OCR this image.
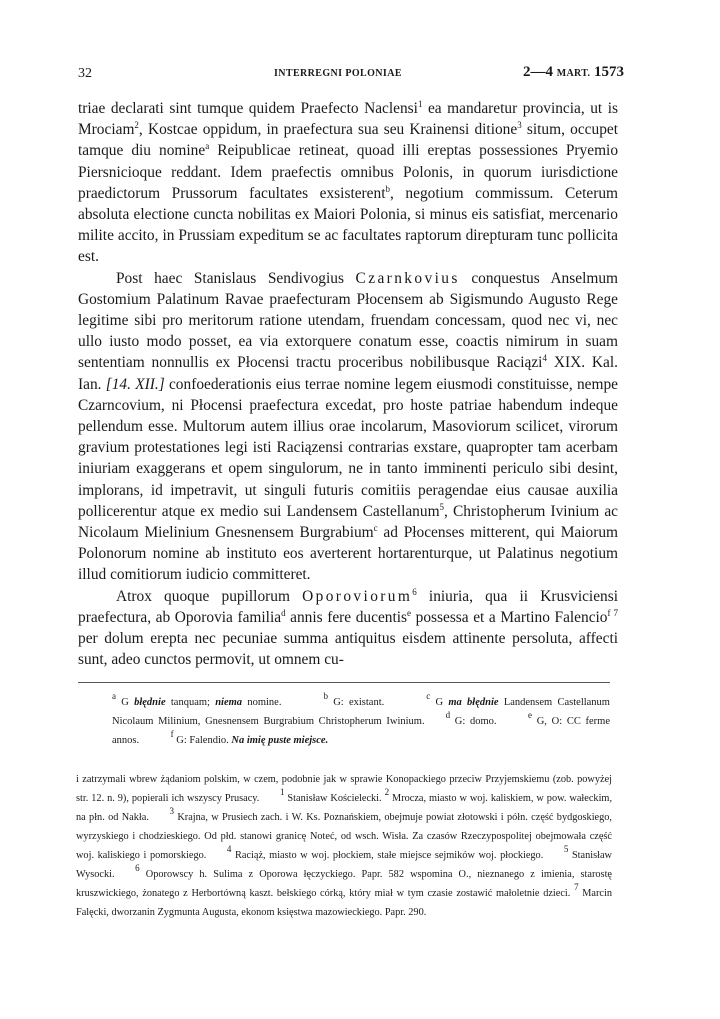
32	INTERREGNI POLONIAE	2—4 MART. 1573

triae declarati sint tumque quidem Praefecto Naclensi$^1$ ea mandaretur provincia, ut is Mrociam$^2$, Kostcae oppidum, in praefectura sua seu Krainensi ditione$^3$ situm, occupet tamque diu nomine$^a$ Reipublicae retineat, quoad illi ereptas possessiones Pryemio Piersnicioque reddant. Idem praefectis omnibus Polonis, in quorum iurisdictione praedictorum Prussorum facultates exsisterent$^b$, negotium commissum. Ceterum absoluta electione cuncta nobilitas ex Maiori Polonia, si minus eis satisfiat, mercenario milite accito, in Prussiam expeditum se ac facultates raptorum direpturam tunc pollicita est.

Post haec Stanislaus Sendivogius Czarnkovius conquestus Anselmum Gostomium Palatinum Ravae praefecturam Płocensem ab Sigismundo Augusto Rege legitime sibi pro meritorum ratione utendam, fruendam concessam, quod nec vi, nec ullo iusto modo posset, ea via extorquere conatum esse, coactis nimirum in suam sententiam nonnullis ex Płocensi tractu proceribus nobilibusque Raciązi$^4$ XIX. Kal. Ian. [14. XII.] confoederationis eius terrae nomine legem eiusmodi constituisse, nempe Czarncovium, ni Płocensi praefectura excedat, pro hoste patriae habendum indeque pellendum esse. Multorum autem illius orae incolarum, Masoviorum scilicet, virorum gravium protestationes legi isti Raciązensi contrarias exstare, quapropter tam acerbam iniuriam exaggerans et opem singulorum, ne in tanto imminenti periculo sibi desint, implorans, id impetravit, ut singuli futuris comitiis peragendae eius causae auxilia pollicerentur atque ex medio sui Landensem Castellanum$^5$, Christopherum Ivinium ac Nicolaum Mielinium Gnesnensem Burgrabium$^c$ ad Płocenses mitterent, qui Maiorum Polonorum nomine ab instituto eos averterent hortarenturque, ut Palatinus negotium illud comitiorum iudicio committeret.

Atrox quoque pupillorum Oporoviorum$^6$ iniuria, qua ii Krusviciensi praefectura, ab Oporovia familia$^d$ annis fere ducentis$^e$ possessa et a Martino Falencio$^{f 7}$ per dolum erepta nec pecuniae summa antiquitus eisdem attinente persoluta, affecti sunt, adeo cunctos permovit, ut omnem cu-

$^a$ G błędnie tanquam; niema nomine.    $^b$ G: existant.    $^c$ G ma błędnie Landensem Castellanum Nicolaum Milinium, Gnesnensem Burgrabium Christopherum Iwinium.  $^d$ G: domo.   $^e$ G, O: CC ferme annos.   $^f$ G: Falendio. Na imię puste miejsce.
i zatrzymali wbrew żądaniom polskim, w czem, podobnie jak w sprawie Konopackiego przeciw Przyjemskiemu (zob. powyżej str. 12. n. 9), popierali ich wszyscy Prusacy.  $^1$ Stanisław Kościelecki. $^2$ Mrocza, miasto w woj. kaliskiem, w pow. wałeckim, na płn. od Nakła.  $^3$ Krajna, w Prusiech zach. i W. Ks. Poznańskiem, obejmuje powiat złotowski i półn. część bydgoskiego, wyrzyskiego i chodzieskiego. Od płd. stanowi granicę Noteć, od wsch. Wisła. Za czasów Rzeczypospolitej obejmowała część woj. kaliskiego i pomorskiego.  $^4$ Raciąż, miasto w woj. płockiem, stałe miejsce sejmików woj. płockiego.  $^5$ Stanisław Wysocki.  $^6$ Oporowscy h. Sulima z Oporowa łęczyckiego. Papr. 582 wspomina O., nieznanego z imienia, starostę kruszwickiego, żonatego z Herbortówną kaszt. bełskiego córką, który miał w tym czasie zostawić małoletnie dzieci. $^7$ Marcin Falęcki, dworzanin Zygmunta Augusta, ekonom księstwa mazowieckiego. Papr. 290.
